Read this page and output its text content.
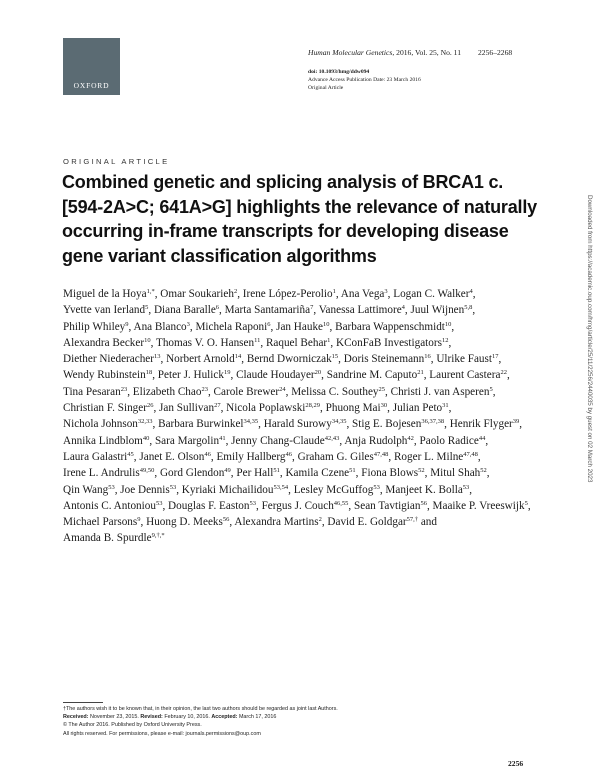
OXFORD
Human Molecular Genetics, 2016, Vol. 25, No. 11 2256–2268
doi: 10.1093/hmg/ddw094
Advance Access Publication Date: 23 March 2016
Original Article
ORIGINAL ARTICLE
Combined genetic and splicing analysis of BRCA1 c.[594-2A>C; 641A>G] highlights the relevance of naturally occurring in-frame transcripts for developing disease gene variant classification algorithms
Miguel de la Hoya$^{1,*}$, Omar Soukarieh$^2$, Irene López-Perolio$^1$, Ana Vega$^3$, Logan C. Walker$^4$, Yvette van Ierland$^5$, Diana Baralle$^6$, Marta Santamariña$^7$, Vanessa Lattimore$^4$, Juul Wijnen$^{5,8}$, Philip Whiley$^9$, Ana Blanco$^3$, Michela Raponi$^6$, Jan Hauke$^{10}$, Barbara Wappenschmidt$^{10}$, Alexandra Becker$^{10}$, Thomas V. O. Hansen$^{11}$, Raquel Behar$^1$, KConFaB Investigators$^{12}$, Diether Niederacher$^{13}$, Norbert Arnold$^{14}$, Bernd Dworniczak$^{15}$, Doris Steinemann$^{16}$, Ulrike Faust$^{17}$, Wendy Rubinstein$^{18}$, Peter J. Hulick$^{19}$, Claude Houdayer$^{20}$, Sandrine M. Caputo$^{21}$, Laurent Castera$^{22}$, Tina Pesaran$^{23}$, Elizabeth Chao$^{23}$, Carole Brewer$^{24}$, Melissa C. Southey$^{25}$, Christi J. van Asperen$^5$, Christian F. Singer$^{26}$, Jan Sullivan$^{27}$, Nicola Poplawski$^{28,29}$, Phuong Mai$^{30}$, Julian Peto$^{31}$, Nichola Johnson$^{32,33}$, Barbara Burwinkel$^{34,35}$, Harald Surowy$^{34,35}$, Stig E. Bojesen$^{36,37,38}$, Henrik Flyger$^{39}$, Annika Lindblom$^{40}$, Sara Margolin$^{41}$, Jenny Chang-Claude$^{42,43}$, Anja Rudolph$^{42}$, Paolo Radice$^{44}$, Laura Galastri$^{45}$, Janet E. Olson$^{46}$, Emily Hallberg$^{46}$, Graham G. Giles$^{47,48}$, Roger L. Milne$^{47,48}$, Irene L. Andrulis$^{49,50}$, Gord Glendon$^{49}$, Per Hall$^{51}$, Kamila Czene$^{51}$, Fiona Blows$^{52}$, Mitul Shah$^{52}$, Qin Wang$^{53}$, Joe Dennis$^{53}$, Kyriaki Michailidou$^{53,54}$, Lesley McGuffog$^{53}$, Manjeet K. Bolla$^{53}$, Antonis C. Antoniou$^{53}$, Douglas F. Easton$^{53}$, Fergus J. Couch$^{46,55}$, Sean Tavtigian$^{56}$, Maaike P. Vreeswijk$^5$, Michael Parsons$^9$, Huong D. Meeks$^{56}$, Alexandra Martins$^2$, David E. Goldgar$^{57,\dagger}$ and Amanda B. Spurdle$^{9,\dagger,*}$
Downloaded from https://academic.oup.com/hmg/article/25/11/2256/2440035 by guest on 02 March 2023
†The authors wish it to be known that, in their opinion, the last two authors should be regarded as joint last Authors.
Received: November 23, 2015. Revised: February 10, 2016. Accepted: March 17, 2016
© The Author 2016. Published by Oxford University Press.
All rights reserved. For permissions, please e-mail: journals.permissions@oup.com
2256
